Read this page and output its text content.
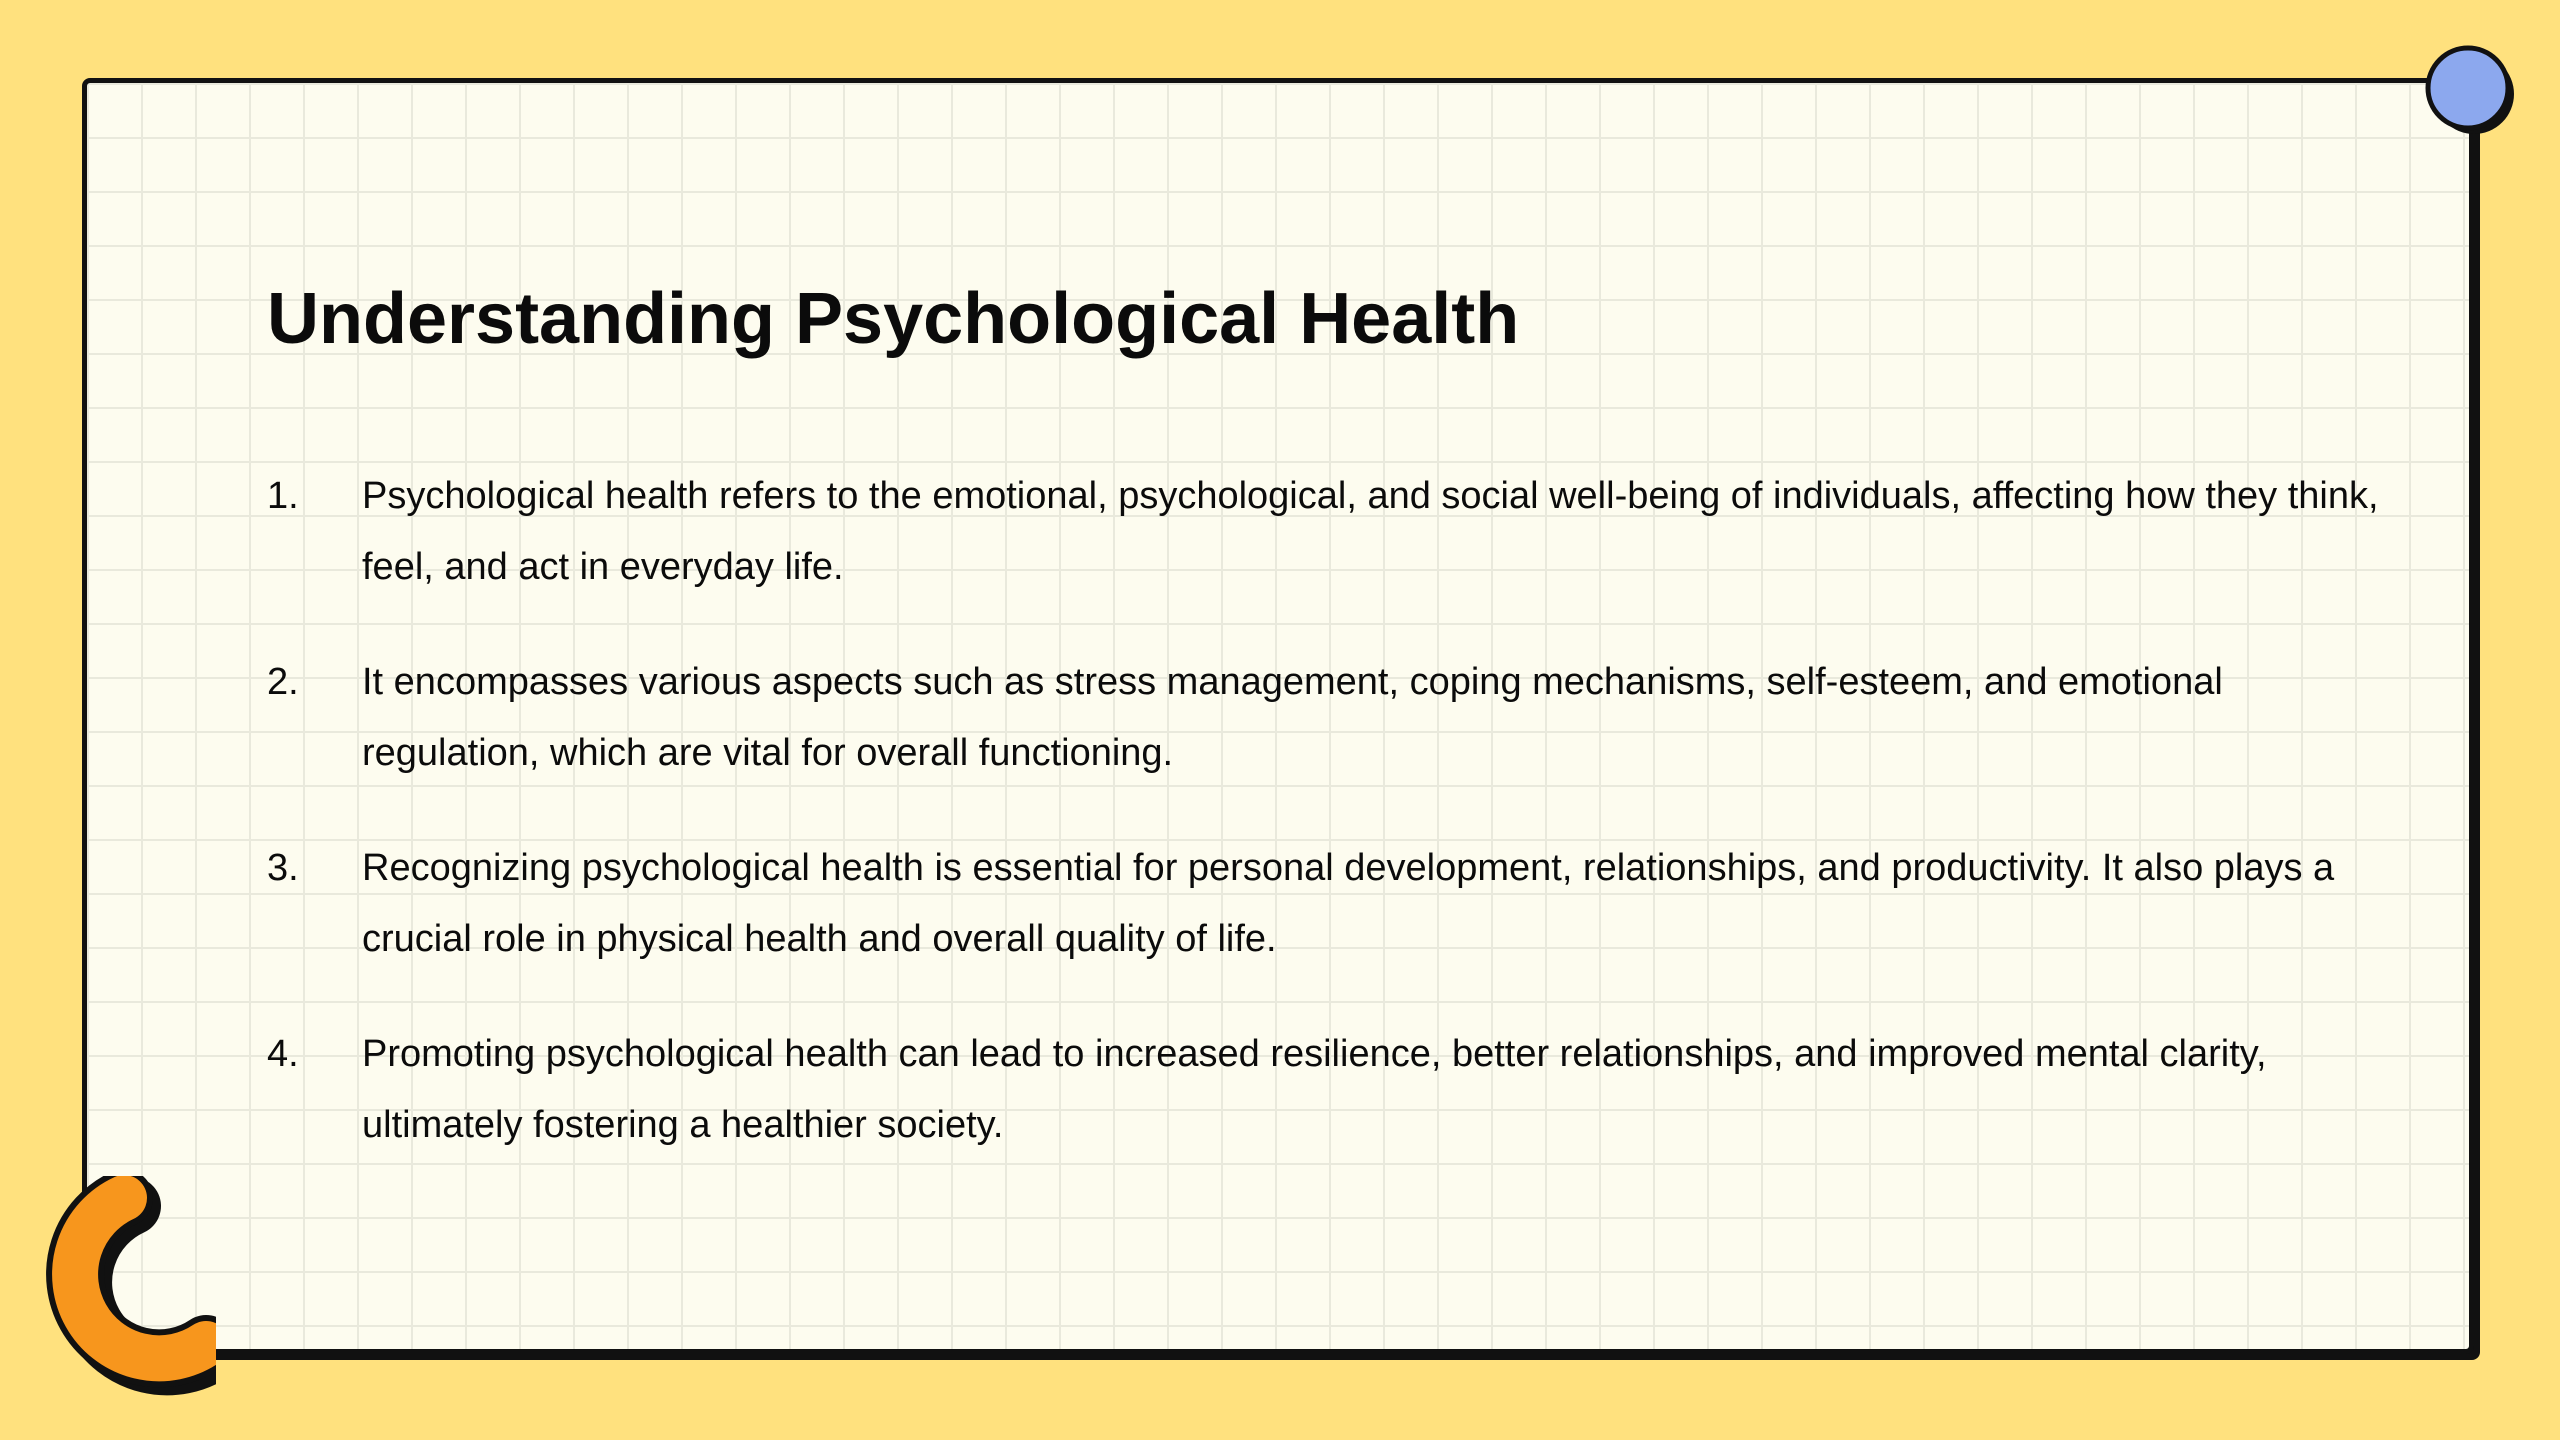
Understanding Psychological Health
1.	Psychological health refers to the emotional, psychological, and social well-being of individuals, affecting how they think, feel, and act in everyday life.
2.	It encompasses various aspects such as stress management, coping mechanisms, self-esteem, and emotional regulation, which are vital for overall functioning.
3.	Recognizing psychological health is essential for personal development, relationships, and productivity. It also plays a crucial role in physical health and overall quality of life.
4.	Promoting psychological health can lead to increased resilience, better relationships, and improved mental clarity, ultimately fostering a healthier society.
